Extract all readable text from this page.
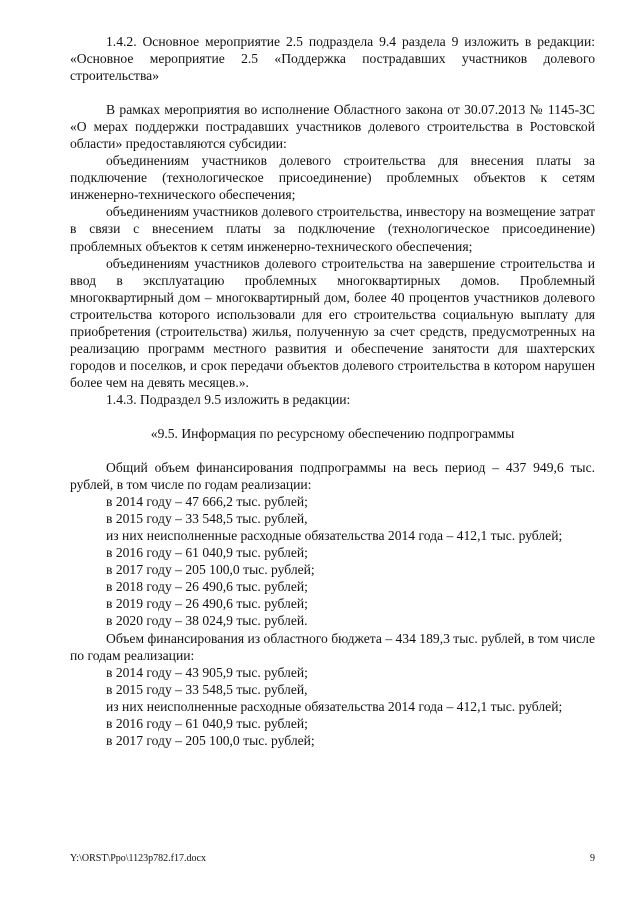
1.4.2. Основное мероприятие 2.5 подраздела 9.4 раздела 9 изложить в редакции: «Основное мероприятие 2.5 «Поддержка пострадавших участников долевого строительства»

В рамках мероприятия во исполнение Областного закона от 30.07.2013 № 1145-ЗС «О мерах поддержки пострадавших участников долевого строительства в Ростовской области» предоставляются субсидии:

объединениям участников долевого строительства для внесения платы за подключение (технологическое присоединение) проблемных объектов к сетям инженерно-технического обеспечения;

объединениям участников долевого строительства, инвестору на возмещение затрат в связи с внесением платы за подключение (технологическое присоединение) проблемных объектов к сетям инженерно-технического обеспечения;

объединениям участников долевого строительства на завершение строительства и ввод в эксплуатацию проблемных многоквартирных домов. Проблемный многоквартирный дом – многоквартирный дом, более 40 процентов участников долевого строительства которого использовали для его строительства социальную выплату для приобретения (строительства) жилья, полученную за счет средств, предусмотренных на реализацию программ местного развития и обеспечение занятости для шахтерских городов и поселков, и срок передачи объектов долевого строительства в котором нарушен более чем на девять месяцев.».

1.4.3. Подраздел 9.5 изложить в редакции:

«9.5. Информация по ресурсному обеспечению подпрограммы

Общий объем финансирования подпрограммы на весь период – 437 949,6 тыс. рублей, в том числе по годам реализации:

в 2014 году – 47 666,2 тыс. рублей;

в 2015 году – 33 548,5 тыс. рублей,

из них неисполненные расходные обязательства 2014 года – 412,1 тыс. рублей;

в 2016 году – 61 040,9 тыс. рублей;

в 2017 году – 205 100,0 тыс. рублей;

в 2018 году – 26 490,6 тыс. рублей;

в 2019 году – 26 490,6 тыс. рублей;

в 2020 году – 38 024,9 тыс. рублей.

Объем финансирования из областного бюджета – 434 189,3 тыс. рублей, в том числе по годам реализации:

в 2014 году – 43 905,9 тыс. рублей;

в 2015 году – 33 548,5 тыс. рублей,

из них неисполненные расходные обязательства 2014 года – 412,1 тыс. рублей;

в 2016 году – 61 040,9 тыс. рублей;

в 2017 году – 205 100,0 тыс. рублей;

Y:\ORST\Ppo\1123p782.f17.docx	9
